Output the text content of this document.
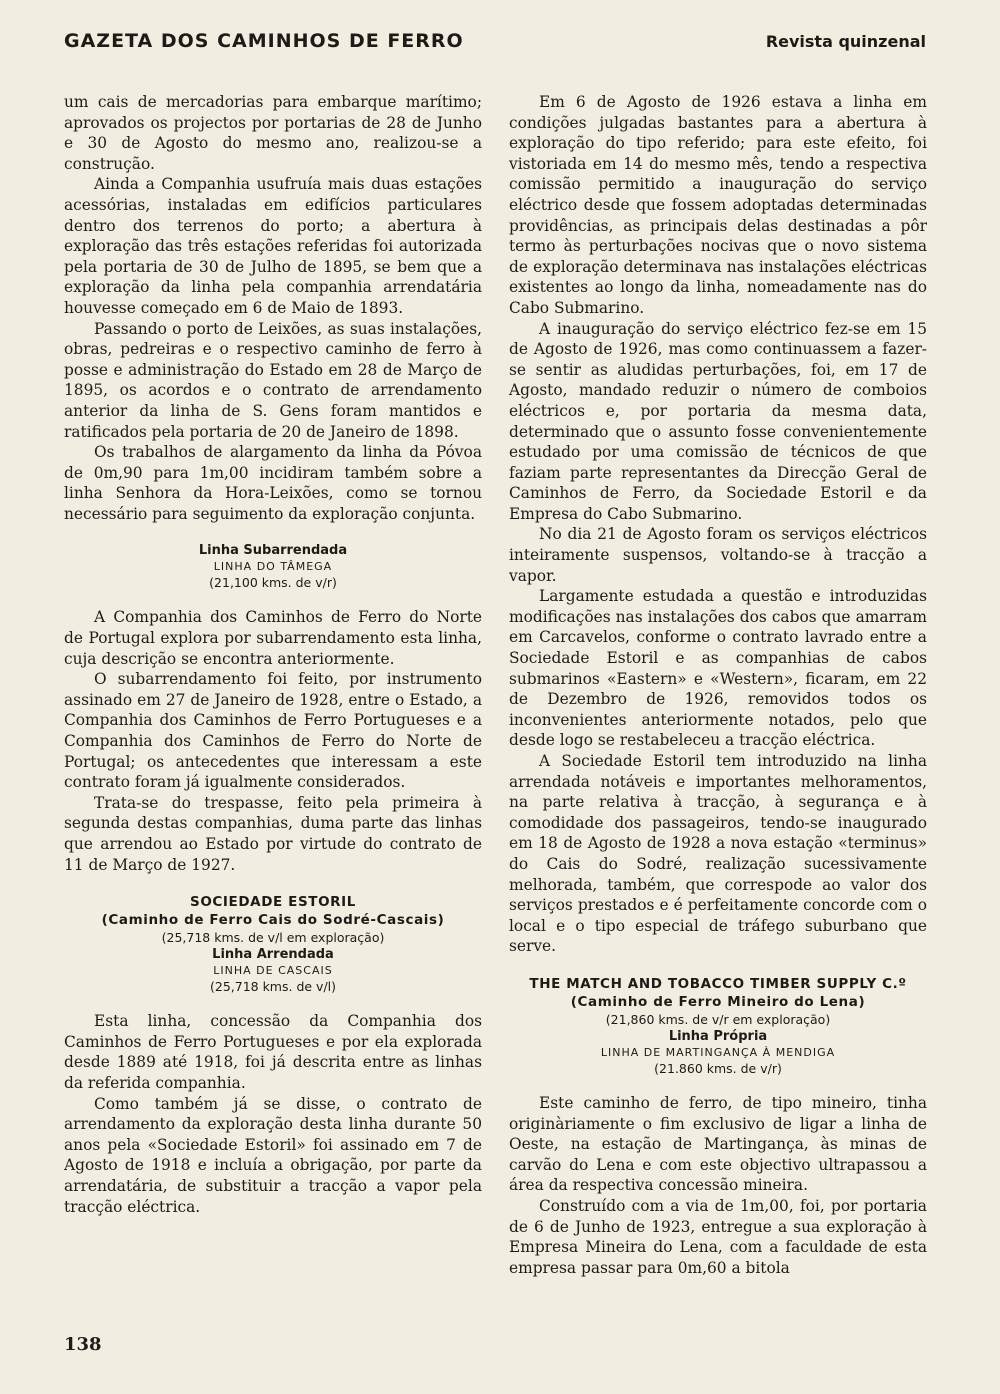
GAZETA DOS CAMINHOS DE FERRO	Revista quinzenal

um cais de mercadorias para embarque marítimo; aprovados os projectos por portarias de 28 de Junho e 30 de Agosto do mesmo ano, realizou-se a construção.

Ainda a Companhia usufruía mais duas estações acessórias, instaladas em edifícios particulares dentro dos terrenos do porto; a abertura à exploração das três estações referidas foi autorizada pela portaria de 30 de Julho de 1895, se bem que a exploração da linha pela companhia arrendatária houvesse começado em 6 de Maio de 1893.

Passando o porto de Leixões, as suas instalações, obras, pedreiras e o respectivo caminho de ferro à posse e administração do Estado em 28 de Março de 1895, os acordos e o contrato de arrendamento anterior da linha de S. Gens foram mantidos e ratificados pela portaria de 20 de Janeiro de 1898.

Os trabalhos de alargamento da linha da Póvoa de 0m,90 para 1m,00 incidiram também sobre a linha Senhora da Hora-Leixões, como se tornou necessário para seguimento da exploração conjunta.

Linha Subarrendada
LINHA DO TÂMEGA
(21,100 kms. de v/r)

A Companhia dos Caminhos de Ferro do Norte de Portugal explora por subarrendamento esta linha, cuja descrição se encontra anteriormente.

O subarrendamento foi feito, por instrumento assinado em 27 de Janeiro de 1928, entre o Estado, a Companhia dos Caminhos de Ferro Portugueses e a Companhia dos Caminhos de Ferro do Norte de Portugal; os antecedentes que interessam a este contrato foram já igualmente considerados.

Trata-se do trespasse, feito pela primeira à segunda destas companhias, duma parte das linhas que arrendou ao Estado por virtude do contrato de 11 de Março de 1927.

SOCIEDADE ESTORIL
(Caminho de Ferro Cais do Sodré-Cascais)
(25,718 kms. de v/l em exploração)
Linha Arrendada
LINHA DE CASCAIS
(25,718 kms. de v/l)

Esta linha, concessão da Companhia dos Caminhos de Ferro Portugueses e por ela explorada desde 1889 até 1918, foi já descrita entre as linhas da referida companhia.

Como também já se disse, o contrato de arrendamento da exploração desta linha durante 50 anos pela «Sociedade Estoril» foi assinado em 7 de Agosto de 1918 e incluía a obrigação, por parte da arrendatária, de substituir a tracção a vapor pela tracção eléctrica.

Em 6 de Agosto de 1926 estava a linha em condições julgadas bastantes para a abertura à exploração do tipo referido; para este efeito, foi vistoriada em 14 do mesmo mês, tendo a respectiva comissão permitido a inauguração do serviço eléctrico desde que fossem adoptadas determinadas providências, as principais delas destinadas a pôr termo às perturbações nocivas que o novo sistema de exploração determinava nas instalações eléctricas existentes ao longo da linha, nomeadamente nas do Cabo Submarino.

A inauguração do serviço eléctrico fez-se em 15 de Agosto de 1926, mas como continuassem a fazer-se sentir as aludidas perturbações, foi, em 17 de Agosto, mandado reduzir o número de comboios eléctricos e, por portaria da mesma data, determinado que o assunto fosse convenientemente estudado por uma comissão de técnicos de que faziam parte representantes da Direcção Geral de Caminhos de Ferro, da Sociedade Estoril e da Empresa do Cabo Submarino.

No dia 21 de Agosto foram os serviços eléctricos inteiramente suspensos, voltando-se à tracção a vapor.

Largamente estudada a questão e introduzidas modificações nas instalações dos cabos que amarram em Carcavelos, conforme o contrato lavrado entre a Sociedade Estoril e as companhias de cabos submarinos «Eastern» e «Western», ficaram, em 22 de Dezembro de 1926, removidos todos os inconvenientes anteriormente notados, pelo que desde logo se restabeleceu a tracção eléctrica.

A Sociedade Estoril tem introduzido na linha arrendada notáveis e importantes melhoramentos, na parte relativa à tracção, à segurança e à comodidade dos passageiros, tendo-se inaugurado em 18 de Agosto de 1928 a nova estação «terminus» do Cais do Sodré, realização sucessivamente melhorada, também, que correspode ao valor dos serviços prestados e é perfeitamente concorde com o local e o tipo especial de tráfego suburbano que serve.

THE MATCH AND TOBACCO TIMBER SUPPLY C.º
(Caminho de Ferro Mineiro do Lena)
(21,860 kms. de v/r em exploração)
Linha Própria
LINHA DE MARTINGANÇA À MENDIGA
(21.860 kms. de v/r)

Este caminho de ferro, de tipo mineiro, tinha originàriamente o fim exclusivo de ligar a linha de Oeste, na estação de Martingança, às minas de carvão do Lena e com este objectivo ultrapassou a área da respectiva concessão mineira.

Construído com a via de 1m,00, foi, por portaria de 6 de Junho de 1923, entregue a sua exploração à Empresa Mineira do Lena, com a faculdade de esta empresa passar para 0m,60 a bitola

138
